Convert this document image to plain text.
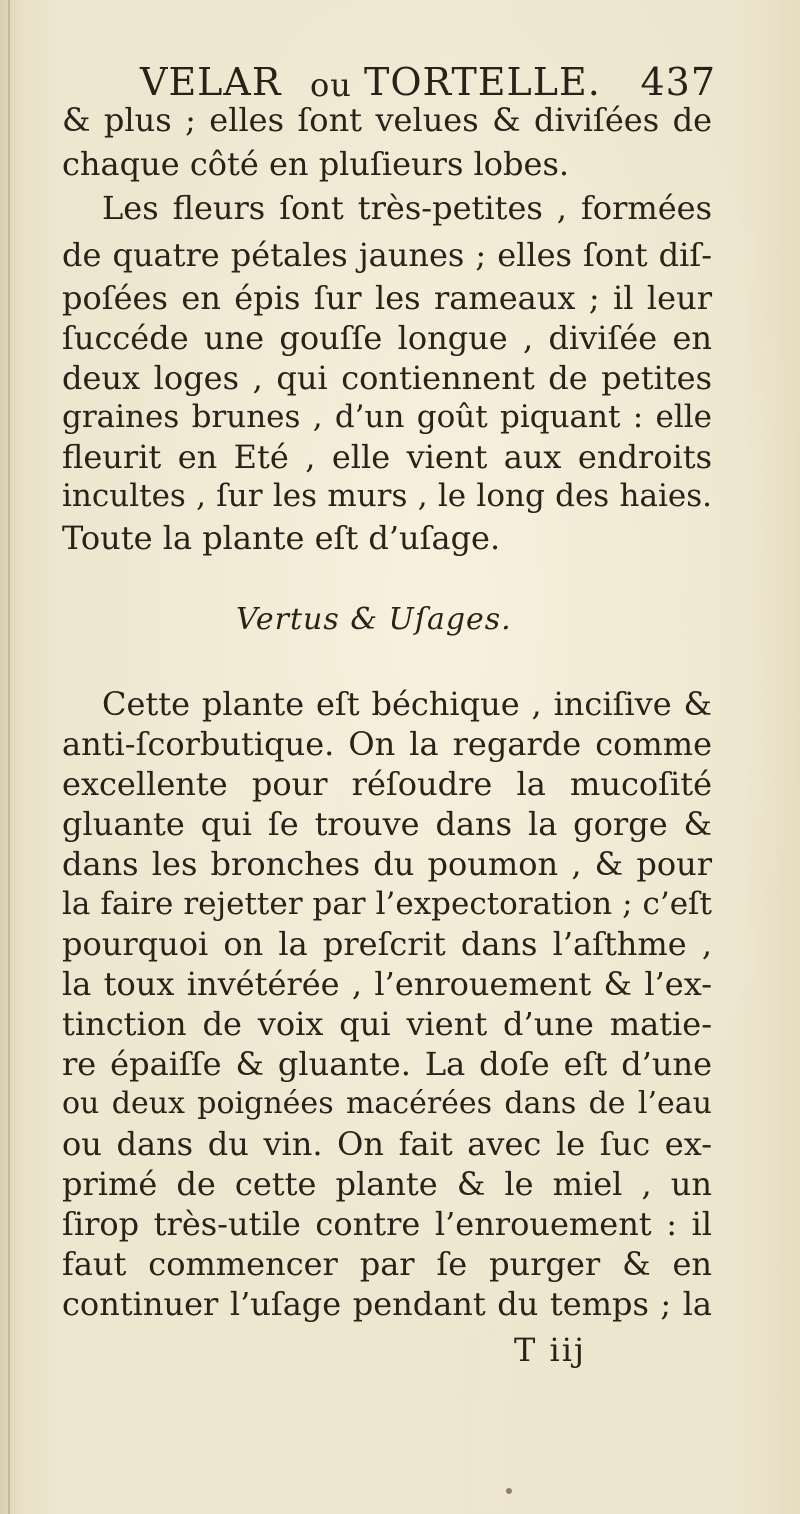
VELAR ou TORTELLE. 437
& plus ; elles ſont velues & diviſées de
chaque côté en pluſieurs lobes.
Les fleurs ſont très-petites , formées
de quatre pétales jaunes ; elles ſont diſ-
poſées en épis ſur les rameaux ; il leur
ſuccéde une gouſſe longue , diviſée en
deux loges , qui contiennent de petites
graines brunes , d’un goût piquant : elle
fleurit en Eté , elle vient aux endroits
incultes , ſur les murs , le long des haies.
Toute la plante eſt d’uſage.
Vertus & Uſages.
Cette plante eſt béchique , inciſive &
anti-ſcorbutique. On la regarde comme
excellente pour réſoudre la mucoſité
gluante qui ſe trouve dans la gorge &
dans les bronches du poumon , & pour
la faire rejetter par l’expectoration ; c’eſt
pourquoi on la preſcrit dans l’aſthme ,
la toux invétérée , l’enrouement & l’ex-
tinction de voix qui vient d’une matie-
re épaiſſe & gluante. La doſe eſt d’une
ou deux poignées macérées dans de l’eau
ou dans du vin. On fait avec le ſuc ex-
primé de cette plante & le miel , un
ſirop très-utile contre l’enrouement : il
faut commencer par ſe purger & en
continuer l’uſage pendant du temps ; la
T iij
